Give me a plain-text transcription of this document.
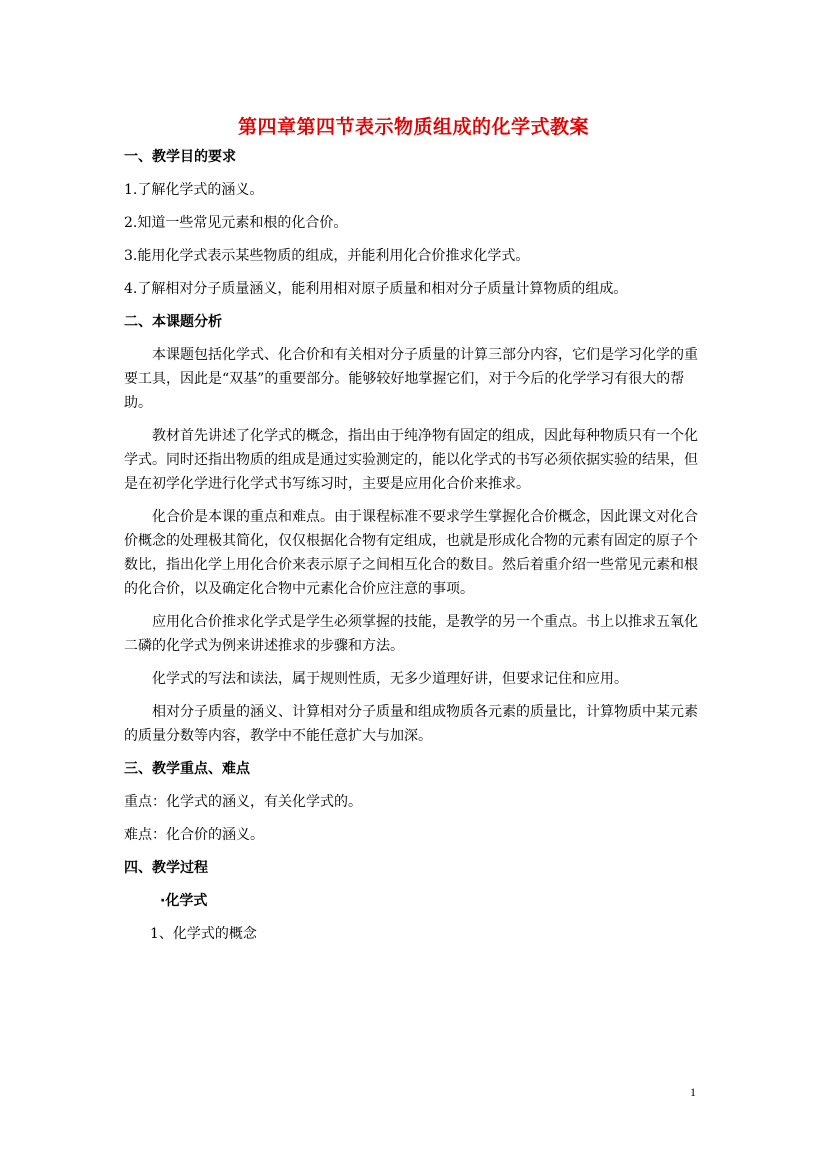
第四章第四节表示物质组成的化学式教案

一、教学目的要求

1.了解化学式的涵义。

2.知道一些常见元素和根的化合价。

3.能用化学式表示某些物质的组成，并能利用化合价推求化学式。

4.了解相对分子质量涵义，能利用相对原子质量和相对分子质量计算物质的组成。

二、本课题分析

本课题包括化学式、化合价和有关相对分子质量的计算三部分内容，它们是学习化学的重要工具，因此是“双基”的重要部分。能够较好地掌握它们，对于今后的化学学习有很大的帮助。

教材首先讲述了化学式的概念，指出由于纯净物有固定的组成，因此每种物质只有一个化学式。同时还指出物质的组成是通过实验测定的，能以化学式的书写必须依据实验的结果，但是在初学化学进行化学式书写练习时，主要是应用化合价来推求。

化合价是本课的重点和难点。由于课程标准不要求学生掌握化合价概念，因此课文对化合价概念的处理极其简化，仅仅根据化合物有定组成，也就是形成化合物的元素有固定的原子个数比，指出化学上用化合价来表示原子之间相互化合的数目。然后着重介绍一些常见元素和根的化合价，以及确定化合物中元素化合价应注意的事项。

应用化合价推求化学式是学生必须掌握的技能，是教学的另一个重点。书上以推求五氧化二磷的化学式为例来讲述推求的步骤和方法。

化学式的写法和读法，属于规则性质，无多少道理好讲，但要求记住和应用。

相对分子质量的涵义、计算相对分子质量和组成物质各元素的质量比，计算物质中某元素的质量分数等内容，教学中不能任意扩大与加深。

三、教学重点、难点

重点：化学式的涵义，有关化学式的。

难点：化合价的涵义。

四、教学过程

·化学式

1、化学式的概念

1
